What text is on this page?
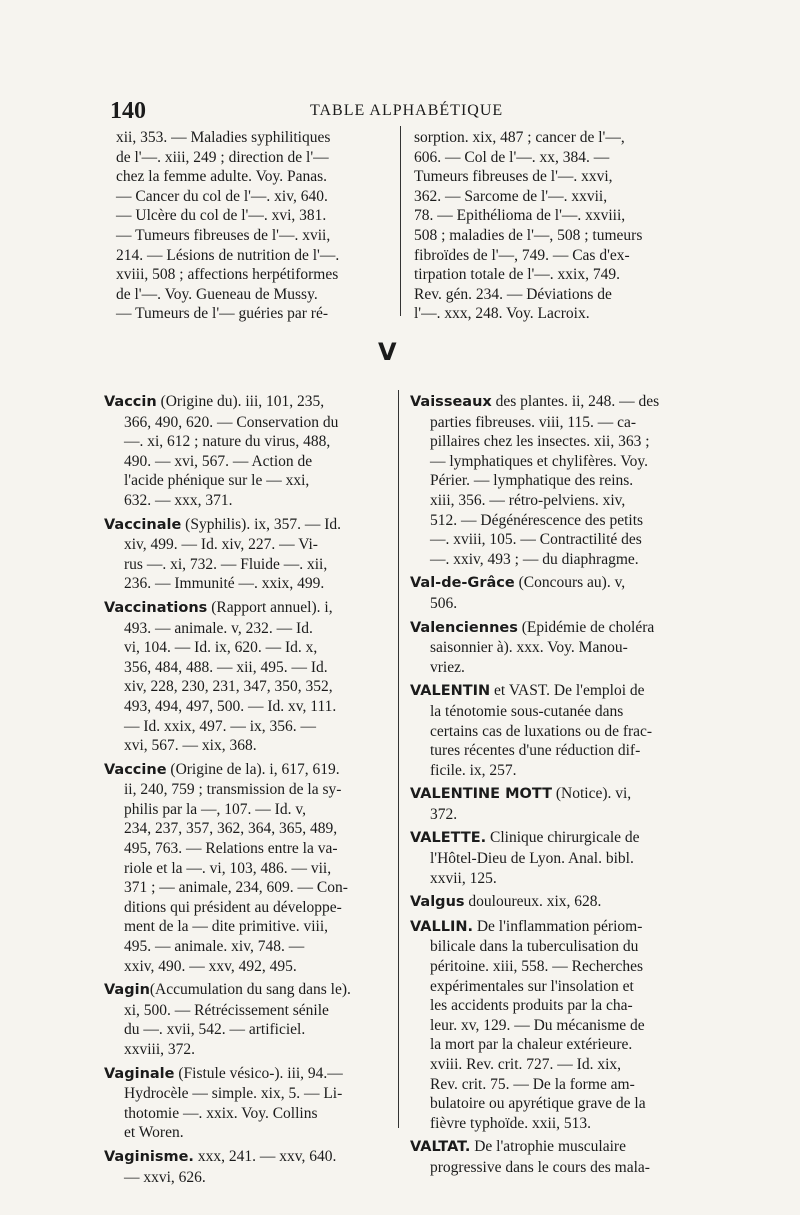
140	TABLE ALPHABÉTIQUE

xii, 353. — Maladies syphilitiques

de l'—. xiii, 249 ; direction de l'—

chez la femme adulte. Voy. Panas.

— Cancer du col de l'—. xiv, 640.

— Ulcère du col de l'—. xvi, 381.

— Tumeurs fibreuses de l'—. xvii,

214. — Lésions de nutrition de l'—.

xviii, 508 ; affections herpétiformes

de l'—. Voy. Gueneau de Mussy.

— Tumeurs de l'— guéries par ré-

sorption. xix, 487 ; cancer de l'—,

606. — Col de l'—. xx, 384. —

Tumeurs fibreuses de l'—. xxvi,

362. — Sarcome de l'—. xxvii,

78. — Epithélioma de l'—. xxviii,

508 ; maladies de l'—, 508 ; tumeurs

fibroïdes de l'—, 749. — Cas d'ex-

tirpation totale de l'—. xxix, 749.

Rev. gén. 234. — Déviations de

l'—. xxx, 248. Voy. Lacroix.

V
Vaccin (Origine du). iii, 101, 235,
366, 490, 620. — Conservation du
—. xi, 612 ; nature du virus, 488,
490. — xvi, 567. — Action de
l'acide phénique sur le — xxi,
632. — xxx, 371.
Vaccinale (Syphilis). ix, 357. — Id.
xiv, 499. — Id. xiv, 227. — Vi-
rus —. xi, 732. — Fluide —. xii,
236. — Immunité —. xxix, 499.
Vaccinations (Rapport annuel). i,
493. — animale. v, 232. — Id.
vi, 104. — Id. ix, 620. — Id. x,
356, 484, 488. — xii, 495. — Id.
xiv, 228, 230, 231, 347, 350, 352,
493, 494, 497, 500. — Id. xv, 111.
— Id. xxix, 497. — ix, 356. —
xvi, 567. — xix, 368.
Vaccine (Origine de la). i, 617, 619.
ii, 240, 759 ; transmission de la sy-
philis par la —, 107. — Id. v,
234, 237, 357, 362, 364, 365, 489,
495, 763. — Relations entre la va-
riole et la —. vi, 103, 486. — vii,
371 ; — animale, 234, 609. — Con-
ditions qui président au développe-
ment de la — dite primitive. viii,
495. — animale. xiv, 748. —
xxiv, 490. — xxv, 492, 495.
Vagin(Accumulation du sang dans le).
xi, 500. — Rétrécissement sénile
du —. xvii, 542. — artificiel.
xxviii, 372.
Vaginale (Fistule vésico-). iii, 94.—
Hydrocèle — simple. xix, 5. — Li-
thotomie —. xxix. Voy. Collins
et Woren.
Vaginisme. xxx, 241. — xxv, 640.
— xxvi, 626.
Vaisseaux des plantes. ii, 248. — des
parties fibreuses. viii, 115. — ca-
pillaires chez les insectes. xii, 363 ;
— lymphatiques et chylifères. Voy.
Périer. — lymphatique des reins.
xiii, 356. — rétro-pelviens. xiv,
512. — Dégénérescence des petits
—. xviii, 105. — Contractilité des
—. xxiv, 493 ; — du diaphragme.
Val-de-Grâce (Concours au). v,
506.
Valenciennes (Epidémie de choléra
saisonnier à). xxx. Voy. Manou-
vriez.
VALENTIN et VAST. De l'emploi de
la ténotomie sous-cutanée dans
certains cas de luxations ou de frac-
tures récentes d'une réduction dif-
ficile. ix, 257.
VALENTINE MOTT (Notice). vi,
372.
VALETTE. Clinique chirurgicale de
l'Hôtel-Dieu de Lyon. Anal. bibl.
xxvii, 125.
Valgus douloureux. xix, 628.
VALLIN. De l'inflammation périom-
bilicale dans la tuberculisation du
péritoine. xiii, 558. — Recherches
expérimentales sur l'insolation et
les accidents produits par la cha-
leur. xv, 129. — Du mécanisme de
la mort par la chaleur extérieure.
xviii. Rev. crit. 727. — Id. xix,
Rev. crit. 75. — De la forme am-
bulatoire ou apyrétique grave de la
fièvre typhoïde. xxii, 513.
VALTAT. De l'atrophie musculaire
progressive dans le cours des mala-
